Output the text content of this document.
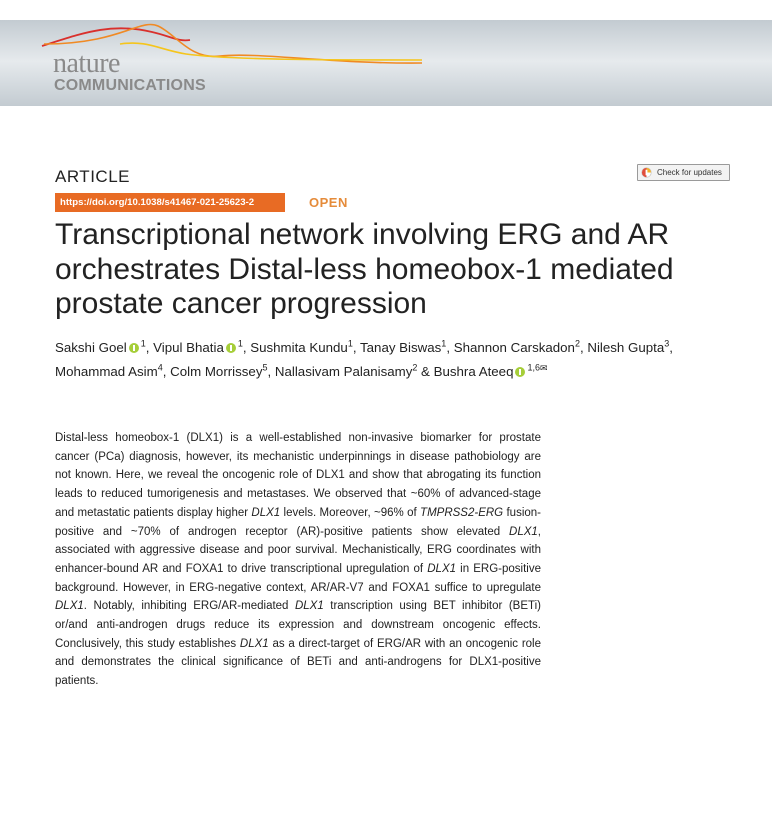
nature
COMMUNICATIONS
ARTICLE	Check for updates
https://doi.org/10.1038/s41467-021-25623-2	OPEN
Transcriptional network involving ERG and AR orchestrates Distal-less homeobox-1 mediated prostate cancer progression
Sakshi Goel $^1$, Vipul Bhatia $^1$, Sushmita Kundu$^1$, Tanay Biswas$^1$, Shannon Carskadon$^2$, Nilesh Gupta$^3$,
Mohammad Asim$^4$, Colm Morrissey$^5$, Nallasivam Palanisamy$^2$ & Bushra Ateeq $^{1,6✉}$

Distal-less homeobox-1 (DLX1) is a well-established non-invasive biomarker for prostate cancer (PCa) diagnosis, however, its mechanistic underpinnings in disease pathobiology are not known. Here, we reveal the oncogenic role of DLX1 and show that abrogating its function leads to reduced tumorigenesis and metastases. We observed that ~60% of advanced-stage and metastatic patients display higher DLX1 levels. Moreover, ~96% of TMPRSS2-ERG fusion-positive and ~70% of androgen receptor (AR)-positive patients show elevated DLX1, associated with aggressive disease and poor survival. Mechanistically, ERG coordinates with enhancer-bound AR and FOXA1 to drive transcriptional upregulation of DLX1 in ERG-positive background. However, in ERG-negative context, AR/AR-V7 and FOXA1 suffice to upregulate DLX1. Notably, inhibiting ERG/AR-mediated DLX1 transcription using BET inhibitor (BETi) or/and anti-androgen drugs reduce its expression and downstream oncogenic effects. Conclusively, this study establishes DLX1 as a direct-target of ERG/AR with an oncogenic role and demonstrates the clinical significance of BETi and anti-androgens for DLX1-positive patients.
